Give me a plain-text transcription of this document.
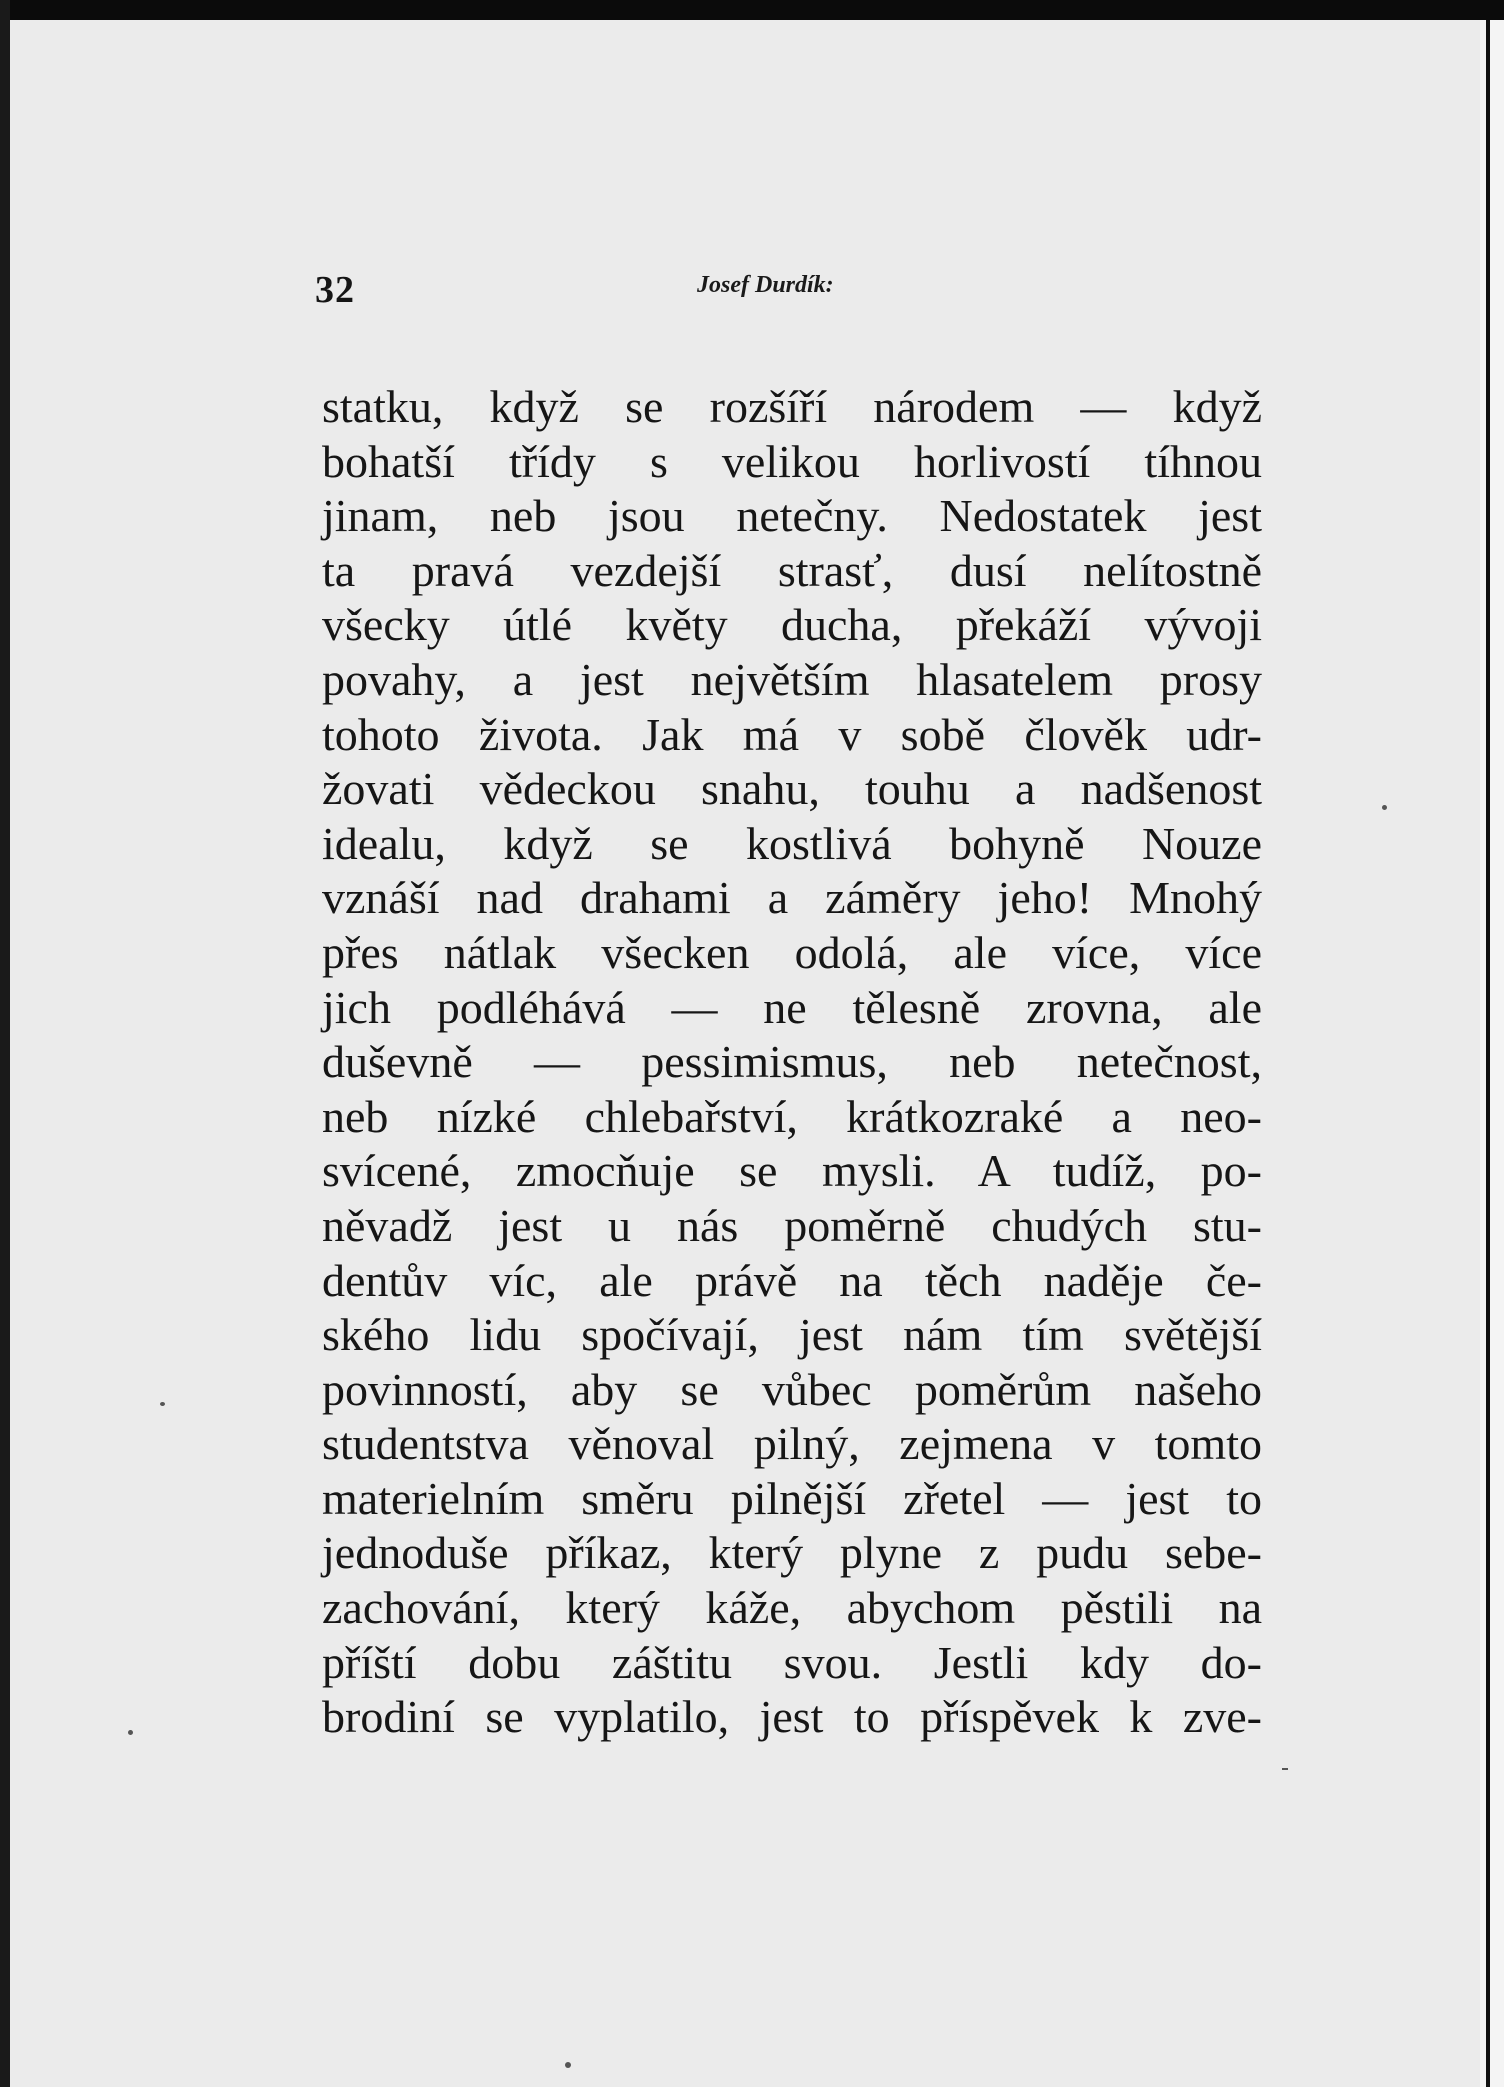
32	Josef Durdík:
statku, když se rozšíří národem — když
bohatší třídy s velikou horlivostí tíhnou
jinam, neb jsou netečny. Nedostatek jest
ta pravá vezdejší strasť, dusí nelítostně
všecky útlé květy ducha, překáží vývoji
povahy, a jest největším hlasatelem prosy
tohoto života. Jak má v sobě člověk udr-
žovati vědeckou snahu, touhu a nadšenost
idealu, když se kostlivá bohyně Nouze
vznáší nad drahami a záměry jeho! Mnohý
přes nátlak všecken odolá, ale více, více
jich podléhává — ne tělesně zrovna, ale
duševně — pessimismus, neb netečnost,
neb nízké chlebařství, krátkozraké a neo-
svícené, zmocňuje se mysli. A tudíž, po-
něvadž jest u nás poměrně chudých stu-
dentův víc, ale právě na těch naděje če-
ského lidu spočívají, jest nám tím světější
povinností, aby se vůbec poměrům našeho
studentstva věnoval pilný, zejmena v tomto
materielním směru pilnější zřetel — jest to
jednoduše příkaz, který plyne z pudu sebe-
zachování, který káže, abychom pěstili na
příští dobu záštitu svou. Jestli kdy do-
brodiní se vyplatilo, jest to příspěvek k zve-
